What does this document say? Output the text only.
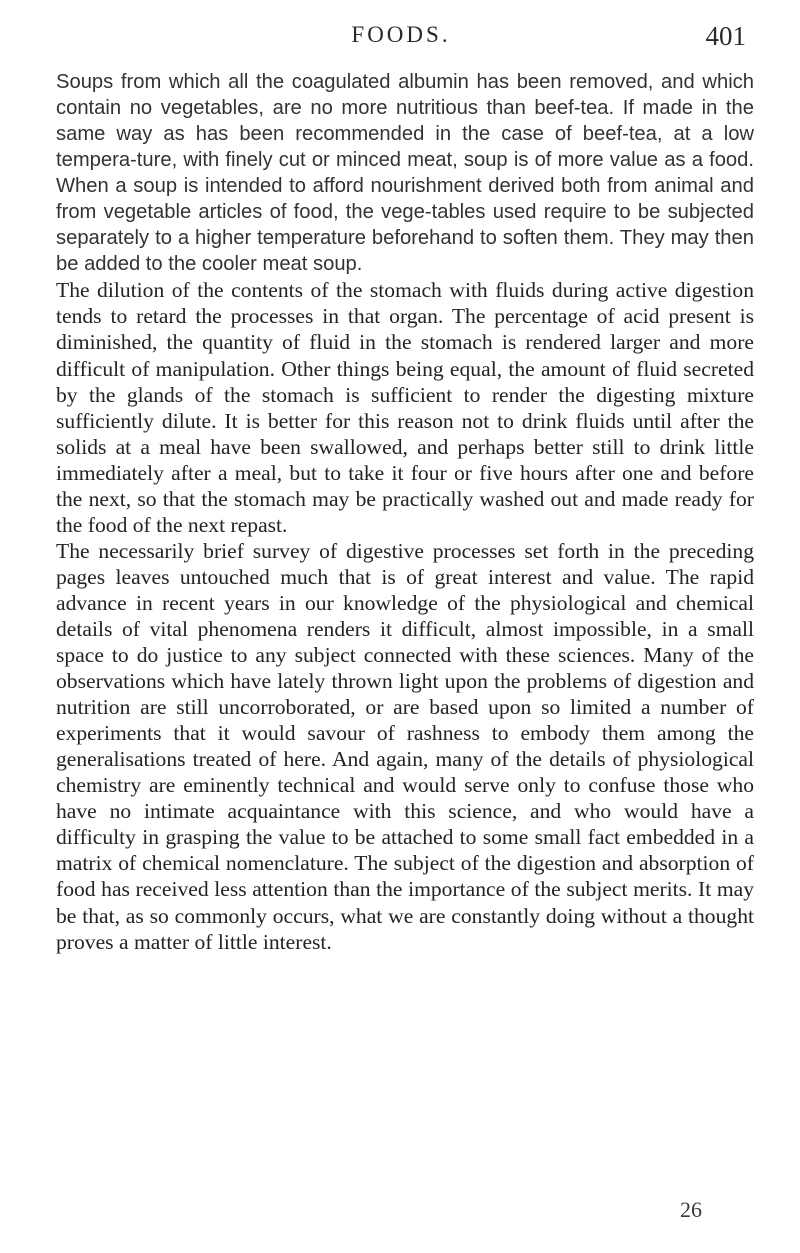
FOODS.	401

Soups from which all the coagulated albumin has been removed, and which contain no vegetables, are no more nutritious than beef-tea. If made in the same way as has been recommended in the case of beef-tea, at a low tempera-ture, with finely cut or minced meat, soup is of more value as a food. When a soup is intended to afford nourishment derived both from animal and from vegetable articles of food, the vege-tables used require to be subjected separately to a higher temperature beforehand to soften them. They may then be added to the cooler meat soup.

The dilution of the contents of the stomach with fluids during active digestion tends to retard the processes in that organ. The percentage of acid present is diminished, the quantity of fluid in the stomach is rendered larger and more difficult of manipulation. Other things being equal, the amount of fluid secreted by the glands of the stomach is sufficient to render the digesting mixture sufficiently dilute. It is better for this reason not to drink fluids until after the solids at a meal have been swallowed, and perhaps better still to drink little immediately after a meal, but to take it four or five hours after one and before the next, so that the stomach may be practically washed out and made ready for the food of the next repast.

The necessarily brief survey of digestive processes set forth in the preceding pages leaves untouched much that is of great interest and value. The rapid advance in recent years in our knowledge of the physiological and chemical details of vital phenomena renders it difficult, almost impossible, in a small space to do justice to any subject connected with these sciences. Many of the observations which have lately thrown light upon the problems of digestion and nutrition are still uncorroborated, or are based upon so limited a number of experiments that it would savour of rashness to embody them among the generalisations treated of here. And again, many of the details of physiological chemistry are eminently technical and would serve only to confuse those who have no intimate acquaintance with this science, and who would have a difficulty in grasping the value to be attached to some small fact embedded in a matrix of chemical nomenclature. The subject of the digestion and absorption of food has received less attention than the importance of the subject merits. It may be that, as so commonly occurs, what we are constantly doing without a thought proves a matter of little interest.

26
